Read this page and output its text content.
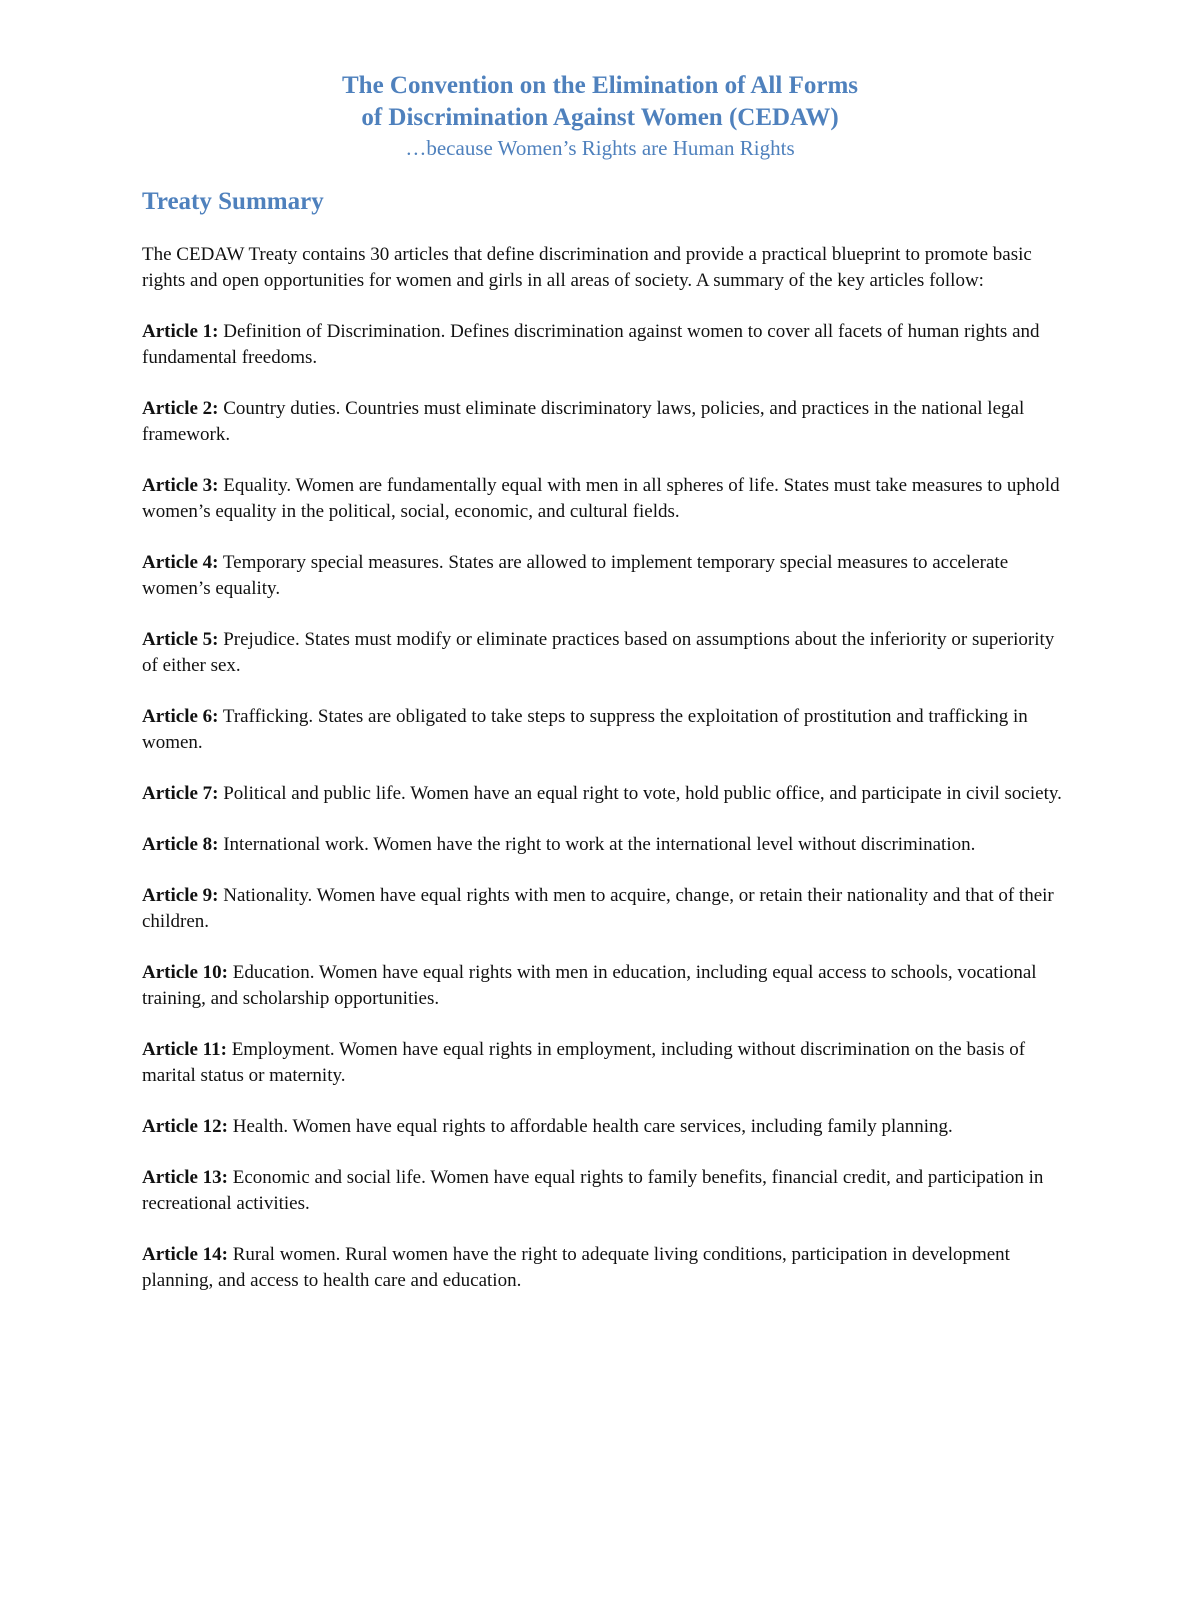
The Convention on the Elimination of All Forms

of Discrimination Against Women (CEDAW)

…because Women’s Rights are Human Rights

Treaty Summary

The CEDAW Treaty contains 30 articles that define discrimination and provide a practical blueprint to promote basic rights and open opportunities for women and girls in all areas of society. A summary of the key articles follow:

Article 1: Definition of Discrimination. Defines discrimination against women to cover all facets of human rights and fundamental freedoms.

Article 2: Country duties. Countries must eliminate discriminatory laws, policies, and practices in the national legal framework.

Article 3: Equality. Women are fundamentally equal with men in all spheres of life. States must take measures to uphold women’s equality in the political, social, economic, and cultural fields.

Article 4: Temporary special measures. States are allowed to implement temporary special measures to accelerate women’s equality.

Article 5: Prejudice. States must modify or eliminate practices based on assumptions about the inferiority or superiority of either sex.

Article 6: Trafficking. States are obligated to take steps to suppress the exploitation of prostitution and trafficking in women.

Article 7: Political and public life. Women have an equal right to vote, hold public office, and participate in civil society.

Article 8: International work. Women have the right to work at the international level without discrimination.

Article 9: Nationality. Women have equal rights with men to acquire, change, or retain their nationality and that of their children.

Article 10: Education. Women have equal rights with men in education, including equal access to schools, vocational training, and scholarship opportunities.

Article 11: Employment. Women have equal rights in employment, including without discrimination on the basis of marital status or maternity.

Article 12: Health. Women have equal rights to affordable health care services, including family planning.

Article 13: Economic and social life. Women have equal rights to family benefits, financial credit, and participation in recreational activities.

Article 14: Rural women. Rural women have the right to adequate living conditions, participation in development planning, and access to health care and education.
